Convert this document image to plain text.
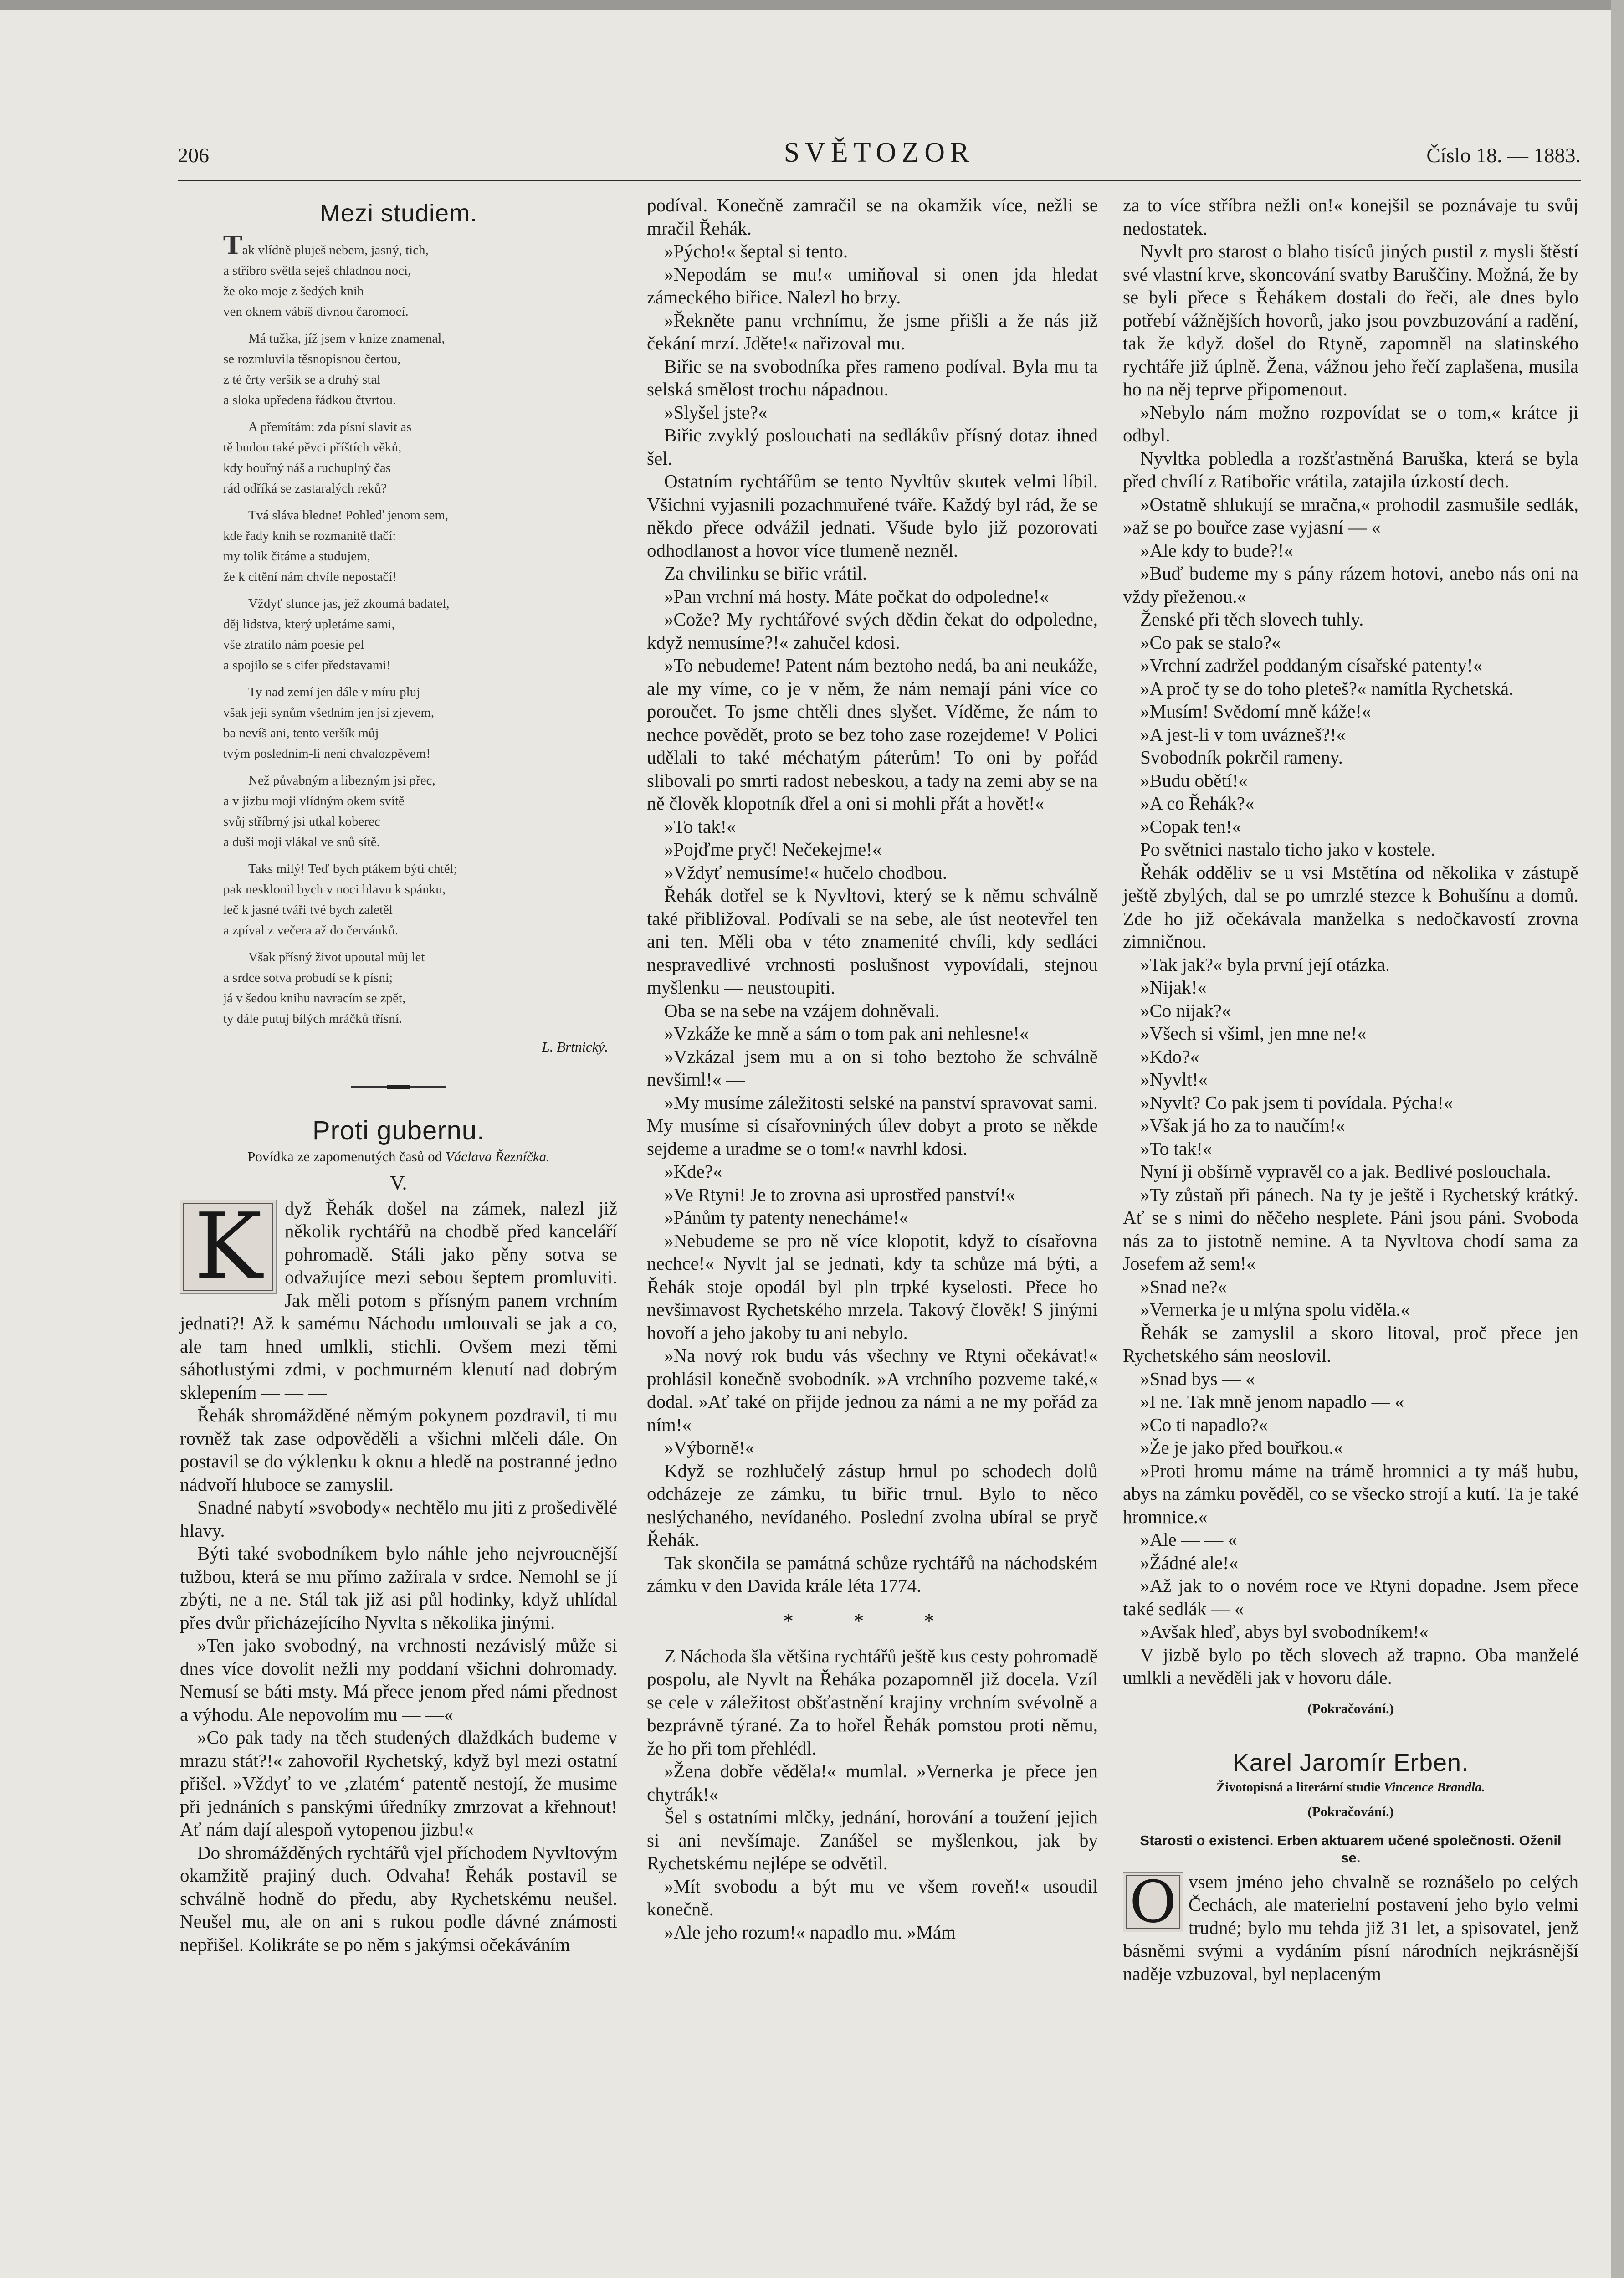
206	SVĚTOZOR	Číslo 18. — 1883.
Mezi studiem.
Tak vlídně pluješ nebem, jasný, tich,
a stříbro světla seješ chladnou noci,
že oko moje z šedých knih
ven oknem vábíš divnou čaromocí.
Má tužka, jíž jsem v knize znamenal,
se rozmluvila těsnopisnou čertou,
z té črty veršík se a druhý stal
a sloka upředena řádkou čtvrtou.
A přemítám: zda písní slavit as
tě budou také pěvci příštích věků,
kdy bouřný náš a ruchuplný čas
rád odříká se zastaralých reků?
Tvá sláva bledne! Pohleď jenom sem,
kde řady knih se rozmanitě tlačí:
my tolik čitáme a studujem,
že k citění nám chvíle nepostačí!
Vždyť slunce jas, jež zkoumá badatel,
děj lidstva, který upletáme sami,
vše ztratilo nám poesie pel
a spojilo se s cifer představami!
Ty nad zemí jen dále v míru pluj —
však její synům všedním jen jsi zjevem,
ba nevíš ani, tento veršík můj
tvým posledním-li není chvalozpěvem!
Než půvabným a libezným jsi přec,
a v jizbu moji vlídným okem svítě
svůj stříbrný jsi utkal koberec
a duši moji vlákal ve snů sítě.
Taks milý! Teď bych ptákem býti chtěl;
pak nesklonil bych v noci hlavu k spánku,
leč k jasné tváři tvé bych zaletěl
a zpíval z večera až do červánků.
Však přísný život upoutal můj let
a srdce sotva probudí se k písni;
já v šedou knihu navracím se zpět,
ty dále putuj bílých mráčků třísní.
L. Brtnický.
Proti gubernu.
Povídka ze zapomenutých časů od Václava Řezníčka.
V.
K	dyž Řehák došel na zámek, nalezl již několik rychtářů na chodbě před kanceláří pohromadě. Stáli jako pěny sotva se odvažujíce mezi sebou šeptem promluviti. Jak měli potom s přísným panem vrchním jednati?! Až k samému Náchodu umlouvali se jak a co, ale tam hned umlkli, stichli. Ovšem mezi těmi sáhotlustými zdmi, v pochmurném klenutí nad dobrým sklepením — — —

Řehák shromážděné němým pokynem pozdravil, ti mu rovněž tak zase odpověděli a všichni mlčeli dále. On postavil se do výklenku k oknu a hledě na postranné jedno nádvoří hluboce se zamyslil.

Snadné nabytí »svobody« nechtělo mu jiti z prošedivělé hlavy.

Býti také svobodníkem bylo náhle jeho nejvroucnější tužbou, která se mu přímo zažírala v srdce. Nemohl se jí zbýti, ne a ne. Stál tak již asi půl hodinky, když uhlídal přes dvůr přicházejícího Nyvlta s několika jinými.

»Ten jako svobodný, na vrchnosti nezávislý může si dnes více dovolit nežli my poddaní všichni dohromady. Nemusí se báti msty. Má přece jenom před námi přednost a výhodu. Ale nepovolím mu — —«

»Co pak tady na těch studených dlaždkách budeme v mrazu stát?!« zahovořil Rychetský, když byl mezi ostatní přišel. »Vždyť to ve ‚zlatém‘ patentě nestojí, že musime při jednáních s panskými úředníky zmrzovat a křehnout! Ať nám dají alespoň vytopenou jizbu!«

Do shromážděných rychtářů vjel příchodem Nyvltovým okamžitě prajiný duch. Odvaha! Řehák postavil se schválně hodně do předu, aby Rychetskému neušel. Neušel mu, ale on ani s rukou podle dávné známosti nepřišel. Kolikráte se po něm s jakýmsi očekáváním

podíval. Konečně zamračil se na okamžik více, nežli se mračil Řehák.

»Pýcho!« šeptal si tento.

»Nepodám se mu!« umiňoval si onen jda hledat zámeckého biřice. Nalezl ho brzy.

»Řekněte panu vrchnímu, že jsme přišli a že nás již čekání mrzí. Jděte!« nařizoval mu.

Biřic se na svobodníka přes rameno podíval. Byla mu ta selská smělost trochu nápadnou.

»Slyšel jste?«

Biřic zvyklý poslouchati na sedlákův přísný dotaz ihned šel.

Ostatním rychtářům se tento Nyvltův skutek velmi líbil. Všichni vyjasnili pozachmuřené tváře. Každý byl rád, že se někdo přece odvážil jednati. Všude bylo již pozorovati odhodlanost a hovor více tlumeně nezněl.

Za chvilinku se biřic vrátil.

»Pan vrchní má hosty. Máte počkat do odpoledne!«

»Cože? My rychtářové svých dědin čekat do odpoledne, když nemusíme?!« zahučel kdosi.

»To nebudeme! Patent nám beztoho nedá, ba ani neukáže, ale my víme, co je v něm, že nám nemají páni více co poroučet. To jsme chtěli dnes slyšet. Víděme, že nám to nechce povědět, proto se bez toho zase rozejdeme! V Polici udělali to také méchatým páterům! To oni by pořád slibovali po smrti radost nebeskou, a tady na zemi aby se na ně člověk klopotník dřel a oni si mohli přát a hovět!«

»To tak!«

»Pojďme pryč! Nečekejme!«

»Vždyť nemusíme!« hučelo chodbou.

Řehák dotřel se k Nyvltovi, který se k němu schválně také přibližoval. Podívali se na sebe, ale úst neotevřel ten ani ten. Měli oba v této znamenité chvíli, kdy sedláci nespravedlivé vrchnosti poslušnost vypovídali, stejnou myšlenku — neustoupiti.

Oba se na sebe na vzájem dohněvali.

»Vzkáže ke mně a sám o tom pak ani nehlesne!«

»Vzkázal jsem mu a on si toho beztoho že schválně nevšiml!« —

»My musíme záležitosti selské na panství spravovat sami. My musíme si císařovniných úlev dobyt a proto se někde sejdeme a uradme se o tom!« navrhl kdosi.

»Kde?«

»Ve Rtyni! Je to zrovna asi uprostřed panství!«

»Pánům ty patenty nenecháme!«

»Nebudeme se pro ně více klopotit, když to císařovna nechce!« Nyvlt jal se jednati, kdy ta schůze má býti, a Řehák stoje opodál byl pln trpké kyselosti. Přece ho nevšimavost Rychetského mrzela. Takový člověk! S jinými hovoří a jeho jakoby tu ani nebylo.

»Na nový rok budu vás všechny ve Rtyni očekávat!« prohlásil konečně svobodník. »A vrchního pozveme také,« dodal. »Ať také on přijde jednou za námi a ne my pořád za ním!«

»Výborně!«

Když se rozhlučelý zástup hrnul po schodech dolů odcházeje ze zámku, tu biřic trnul. Bylo to něco neslýchaného, nevídaného. Poslední zvolna ubíral se pryč Řehák.

Tak skončila se památná schůze rychtářů na náchodském zámku v den Davida krále léta 1774.

* * *

Z Náchoda šla většina rychtářů ještě kus cesty pohromadě pospolu, ale Nyvlt na Řeháka pozapomněl již docela. Vzíl se cele v záležitost obšťastnění krajiny vrchním svévolně a bezprávně týrané. Za to hořel Řehák pomstou proti němu, že ho při tom přehlédl.

»Žena dobře věděla!« mumlal. »Vernerka je přece jen chytrák!«

Šel s ostatními mlčky, jednání, horování a toužení jejich si ani nevšímaje. Zanášel se myšlenkou, jak by Rychetskému nejlépe se odvětil.

»Mít svobodu a být mu ve všem roveň!« usoudil konečně.

»Ale jeho rozum!« napadlo mu. »Mám

za to více stříbra nežli on!« konejšil se poznávaje tu svůj nedostatek.

Nyvlt pro starost o blaho tisíců jiných pustil z mysli štěstí své vlastní krve, skoncování svatby Baruščiny. Možná, že by se byli přece s Řehákem dostali do řeči, ale dnes bylo potřebí vážnějších hovorů, jako jsou povzbuzování a radění, tak že když došel do Rtyně, zapomněl na slatinského rychtáře již úplně. Žena, vážnou jeho řečí zaplašena, musila ho na něj teprve připomenout.

»Nebylo nám možno rozpovídat se o tom,« krátce ji odbyl.

Nyvltka pobledla a rozšťastněná Baruška, která se byla před chvílí z Ratibořic vrátila, zatajila úzkostí dech.

»Ostatně shlukují se mračna,« prohodil zasmušile sedlák, »až se po bouřce zase vyjasní — «

»Ale kdy to bude?!«

»Buď budeme my s pány rázem hotovi, anebo nás oni na vždy přeženou.«

Ženské při těch slovech tuhly.

»Co pak se stalo?«

»Vrchní zadržel poddaným císařské patenty!«

»A proč ty se do toho pleteš?« namítla Rychetská.

»Musím! Svědomí mně káže!«

»A jest-li v tom uvázneš?!«

Svobodník pokrčil rameny.

»Budu obětí!«

»A co Řehák?«

»Copak ten!«

Po světnici nastalo ticho jako v kostele.

Řehák odděliv se u vsi Mstětína od několika v zástupě ještě zbylých, dal se po umrzlé stezce k Bohušínu a domů. Zde ho již očekávala manželka s nedočkavostí zrovna zimničnou.

»Tak jak?« byla první její otázka.

»Nijak!«

»Co nijak?«

»Všech si všiml, jen mne ne!«

»Kdo?«

»Nyvlt!«

»Nyvlt? Co pak jsem ti povídala. Pýcha!«

»Však já ho za to naučím!«

»To tak!«

Nyní ji obšírně vypravěl co a jak. Bedlivé poslouchala.

»Ty zůstaň při pánech. Na ty je ještě i Rychetský krátký. Ať se s nimi do něčeho nesplete. Páni jsou páni. Svoboda nás za to jistotně nemine. A ta Nyvltova chodí sama za Josefem až sem!«

»Snad ne?«

»Vernerka je u mlýna spolu viděla.«

Řehák se zamyslil a skoro litoval, proč přece jen Rychetského sám neoslovil.

»Snad bys — «

»I ne. Tak mně jenom napadlo — «

»Co ti napadlo?«

»Že je jako před bouřkou.«

»Proti hromu máme na trámě hromnici a ty máš hubu, abys na zámku pověděl, co se všecko strojí a kutí. Ta je také hromnice.«

»Ale — — «

»Žádné ale!«

»Až jak to o novém roce ve Rtyni dopadne. Jsem přece také sedlák — «

»Avšak hleď, abys byl svobodníkem!«

V jizbě bylo po těch slovech až trapno. Oba manželé umlkli a nevěděli jak v hovoru dále.

(Pokračování.)
Karel Jaromír Erben.
Životopisná a literární studie Vincence Brandla.
(Pokračování.)
Starosti o existenci. Erben aktuarem učené společnosti. Oženil se.
O vsem jméno jeho chvalně se roznášelo po celých Čechách, ale materielní postavení jeho bylo velmi trudné; bylo mu tehda již 31 let, a spisovatel, jenž básněmi svými a vydáním písní národních nejkrásnější naděje vzbuzoval, byl neplaceným
